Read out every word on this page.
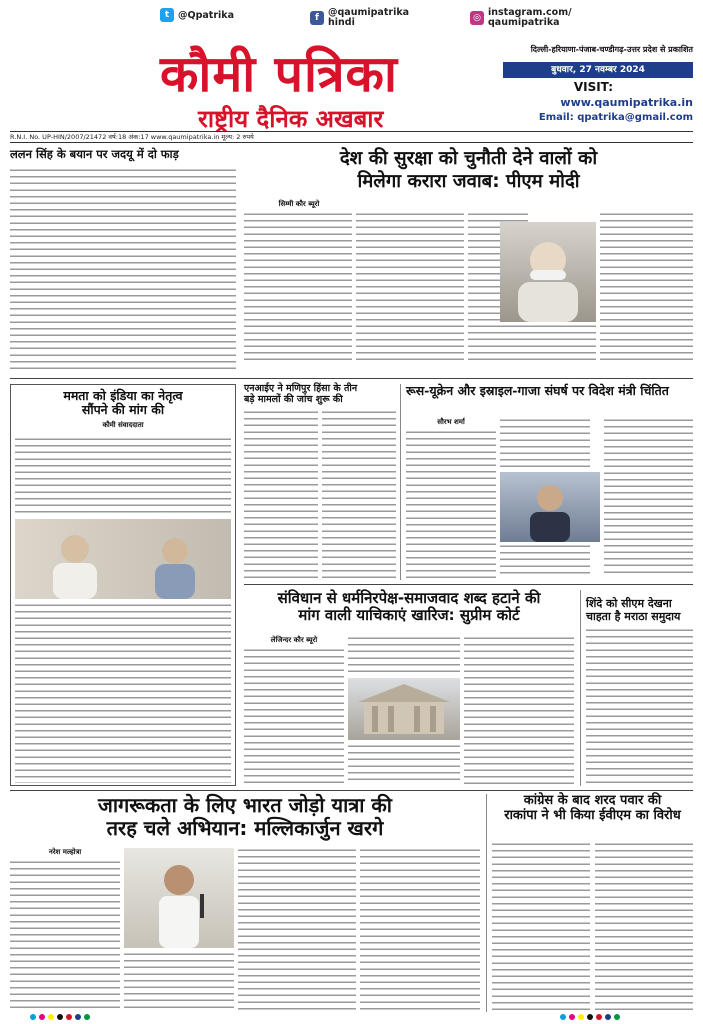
t @Qpatrika	f @qaumipatrika
hindi	◎ instagram.com/
qaumipatrika
कौमी पत्रिका
राष्ट्रीय दैनिक अखबार
दिल्ली-हरियाणा-पंजाब-चण्डीगढ़-उत्तर प्रदेश से प्रकाशित
बुधवार, 27 नवम्बर 2024
VISIT:
www.qaumipatrika.in
Email: qpatrika@gmail.com
R.N.I. No. UP-HIN/2007/21472 वर्ष:18 अंक:17 www.qaumipatrika.in मूल्य: 2 रुपये
ललन सिंह के बयान पर जदयू में दो फाड़	देश की सुरक्षा को चुनौती देने वालों को
मिलेगा करारा जवाब: पीएम मोदी
सिम्मी कौर ब्यूरो
ममता को इंडिया का नेतृत्व
सौंपने की मांग की
कौमी संवाददाता
एनआईए ने मणिपुर हिंसा के तीन
बड़े मामलों की जांच शुरू की
रूस-यूक्रेन और इस्राइल-गाजा संघर्ष पर विदेश मंत्री चिंतित
सौरभ शर्मा
संविधान से धर्मनिरपेक्ष-समाजवाद शब्द हटाने की
मांग वाली याचिकाएं खारिज: सुप्रीम कोर्ट
लेजिन्दर कौर ब्यूरो
शिंदे को सीएम देखना
चाहता है मराठा समुदाय
जागरूकता के लिए भारत जोड़ो यात्रा की
तरह चले अभियान: मल्लिकार्जुन खरगे
नरेश मल्होत्रा
कांग्रेस के बाद शरद पवार की
राकांपा ने भी किया ईवीएम का विरोध
